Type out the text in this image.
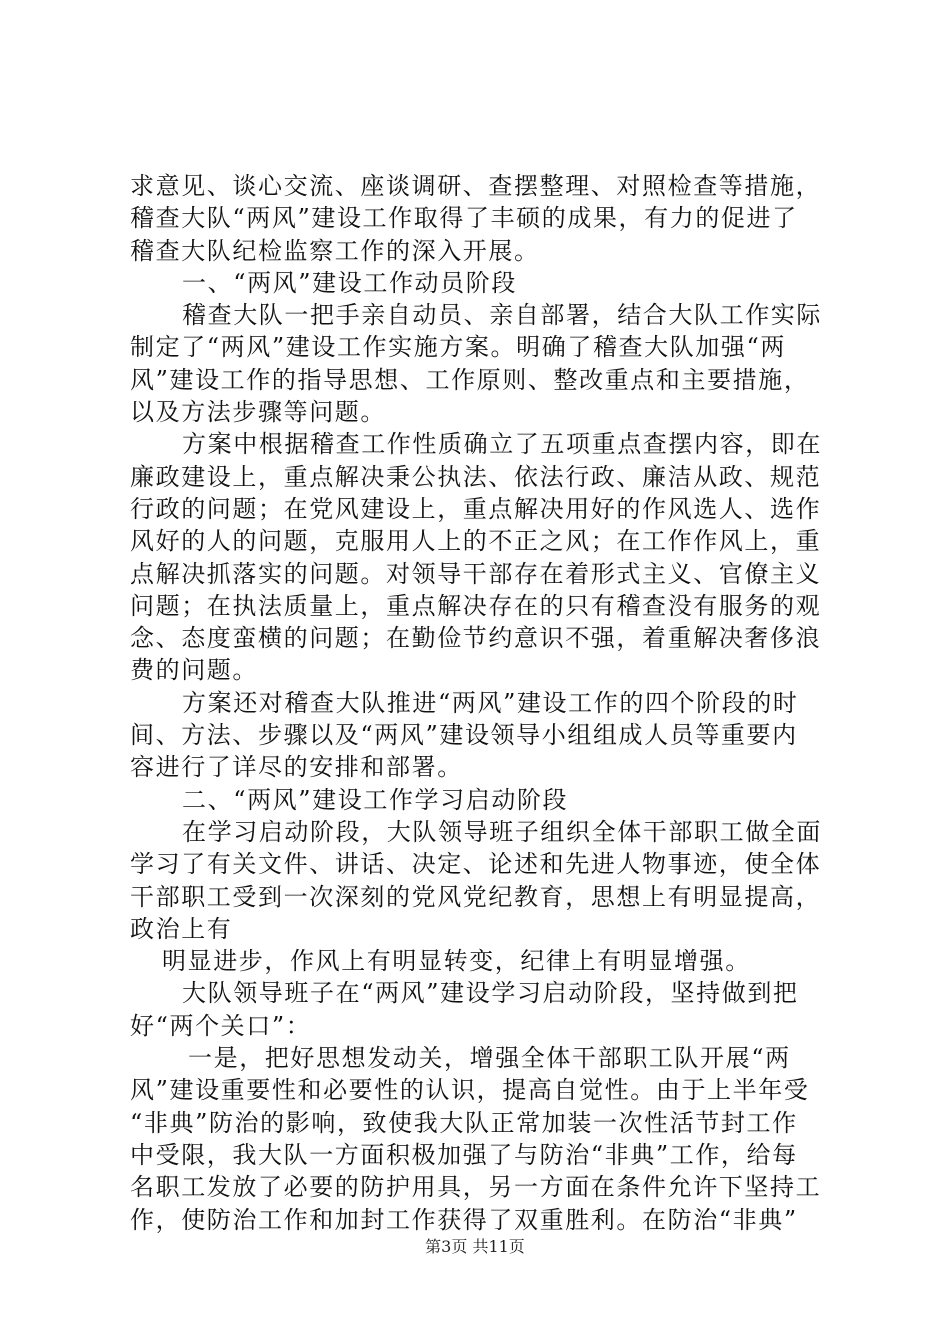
求意见、谈心交流、座谈调研、查摆整理、对照检查等措施，
稽查大队“两风”建设工作取得了丰硕的成果，有力的促进了
稽查大队纪检监察工作的深入开展。
一、“两风”建设工作动员阶段
稽查大队一把手亲自动员、亲自部署，结合大队工作实际
制定了“两风”建设工作实施方案。明确了稽查大队加强“两
风”建设工作的指导思想、工作原则、整改重点和主要措施，
以及方法步骤等问题。
方案中根据稽查工作性质确立了五项重点查摆内容，即在
廉政建设上，重点解决秉公执法、依法行政、廉洁从政、规范
行政的问题；在党风建设上，重点解决用好的作风选人、选作
风好的人的问题，克服用人上的不正之风；在工作作风上，重
点解决抓落实的问题。对领导干部存在着形式主义、官僚主义
问题；在执法质量上，重点解决存在的只有稽查没有服务的观
念、态度蛮横的问题；在勤俭节约意识不强，着重解决奢侈浪
费的问题。
方案还对稽查大队推进“两风”建设工作的四个阶段的时
间、方法、步骤以及“两风”建设领导小组组成人员等重要内
容进行了详尽的安排和部署。
二、“两风”建设工作学习启动阶段
在学习启动阶段，大队领导班子组织全体干部职工做全面
学习了有关文件、讲话、决定、论述和先进人物事迹，使全体
干部职工受到一次深刻的党风党纪教育，思想上有明显提高，
政治上有
明显进步，作风上有明显转变，纪律上有明显增强。
大队领导班子在“两风”建设学习启动阶段，坚持做到把
好“两个关口”：
一是，把好思想发动关，增强全体干部职工队开展“两
风”建设重要性和必要性的认识，提高自觉性。由于上半年受
“非典”防治的影响，致使我大队正常加装一次性活节封工作
中受限，我大队一方面积极加强了与防治“非典”工作，给每
名职工发放了必要的防护用具，另一方面在条件允许下坚持工
作，使防治工作和加封工作获得了双重胜利。在防治“非典”
第3页 共11页
